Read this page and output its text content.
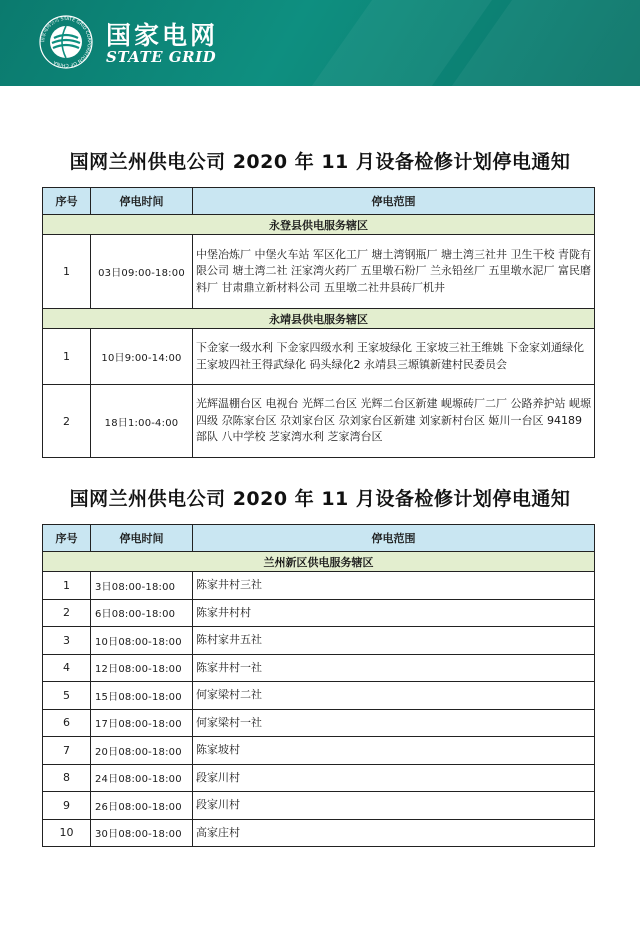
国家电网公司 STATE GRID CORPORATION OF CHINA
国家电网
STATE GRID
国网兰州供电公司 2020 年 11 月设备检修计划停电通知
序号	停电时间	停电范围
永登县供电服务辖区		
1	03日09:00-18:00	中堡冶炼厂 中堡火车站 军区化工厂 塘土湾钢瓶厂 塘土湾三社井 卫生干校 青陇有限公司 塘土湾二社 汪家湾火药厂 五里墩石粉厂 兰永铅丝厂 五里墩水泥厂 富民磨料厂 甘肃鼎立新材料公司 五里墩二社井县砖厂机井
永靖县供电服务辖区		
1	10日9:00-14:00	下金家一级水利 下金家四级水利 王家坡绿化 王家坡三社王维姚 下金家刘通绿化 王家坡四社王得武绿化 码头绿化2 永靖县三塬镇新建村民委员会
2	18日1:00-4:00	光辉温棚台区 电视台 光辉二台区 光辉二台区新建 岘塬砖厂二厂 公路养护站 岘塬四级 尕陈家台区 尕刘家台区 尕刘家台区新建 刘家新村台区 姬川一台区 94189部队 八中学校 芝家湾水利 芝家湾台区
国网兰州供电公司 2020 年 11 月设备检修计划停电通知
序号	停电时间	停电范围
兰州新区供电服务辖区		
1	3日08:00-18:00	陈家井村三社
2	6日08:00-18:00	陈家井村村
3	10日08:00-18:00	陈村家井五社
4	12日08:00-18:00	陈家井村一社
5	15日08:00-18:00	何家梁村二社
6	17日08:00-18:00	何家梁村一社
7	20日08:00-18:00	陈家坡村
8	24日08:00-18:00	段家川村
9	26日08:00-18:00	段家川村
10	30日08:00-18:00	高家庄村
